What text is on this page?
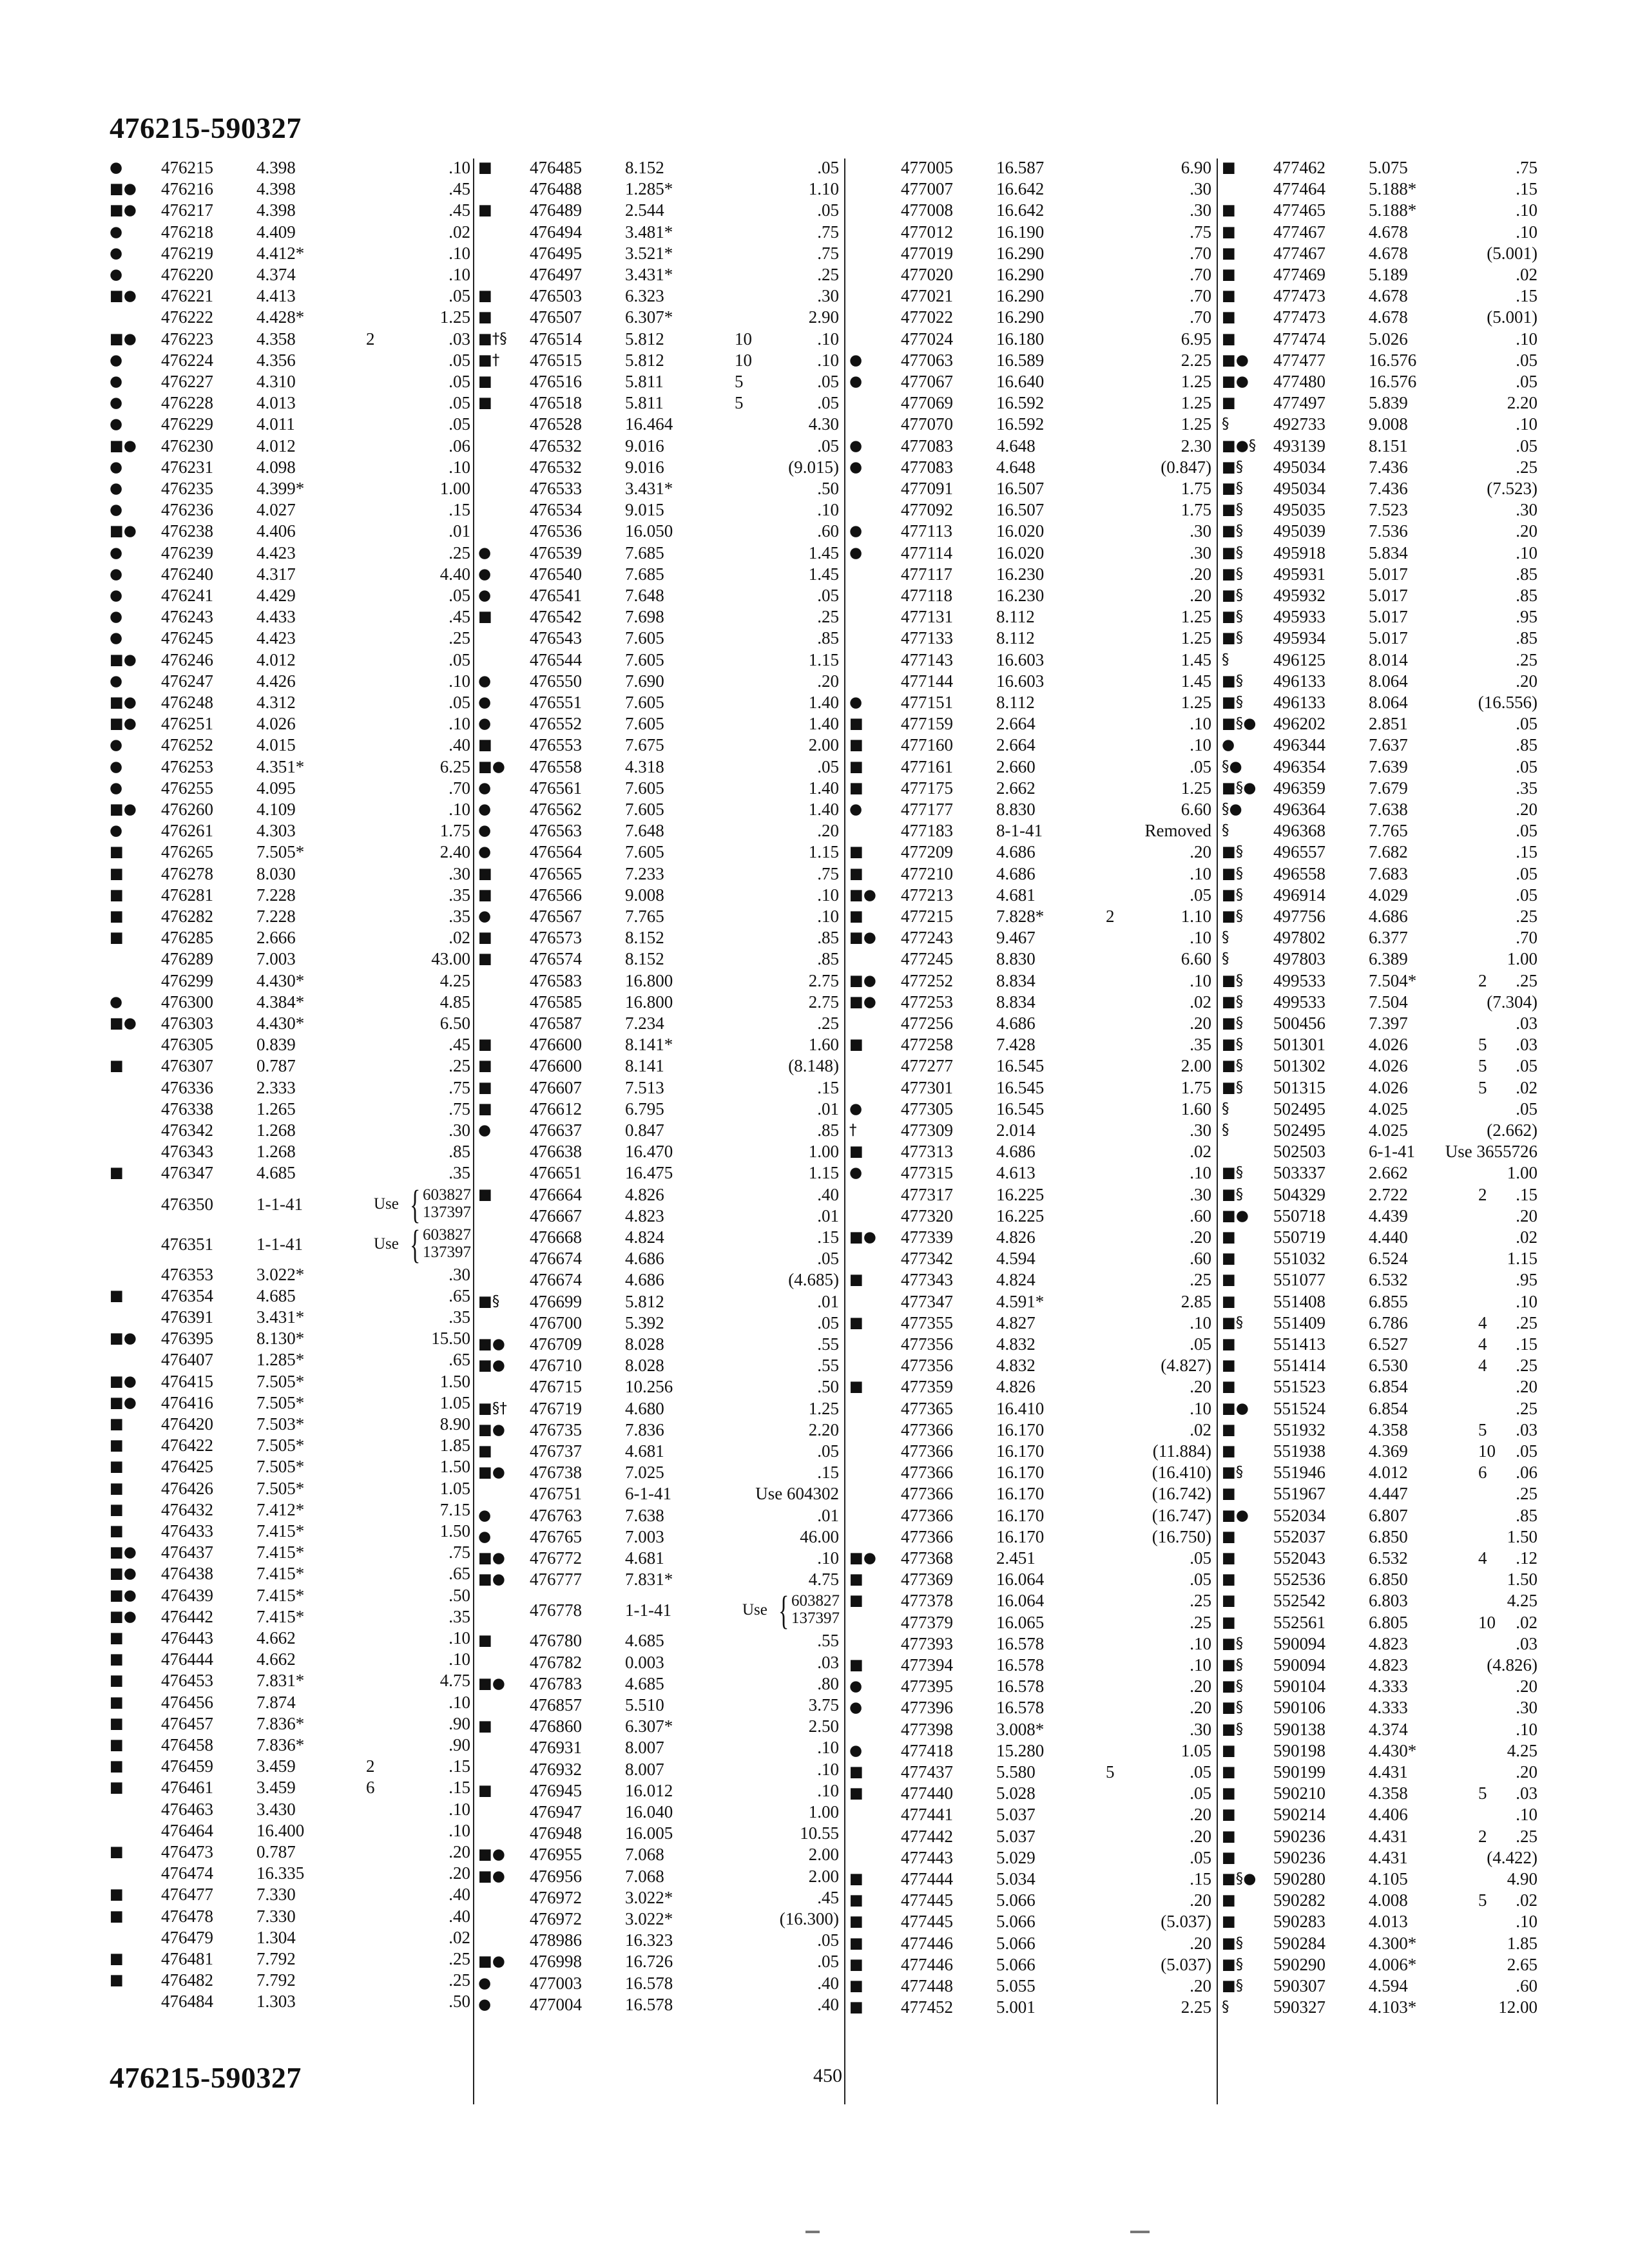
476215-590327
●	476215 4.398	.10
■●	476216 4.398	.45
■●	476217 4.398	.45
●	476218 4.409	.02
●	476219 4.412*	.10
●	476220 4.374	.10
■●	476221 4.413	.05
476222 4.428*	1.25
■●	476223 4.358	2	.03
●	476224 4.356	.05
●	476227 4.310	.05
●	476228 4.013	.05
●	476229 4.011	.05
■●	476230 4.012	.06
●	476231 4.098	.10
●	476235 4.399*	1.00
●	476236 4.027	.15
■●	476238 4.406	.01
●	476239 4.423	.25
●	476240 4.317	4.40
●	476241 4.429	.05
●	476243 4.433	.45
●	476245 4.423	.25
■●	476246 4.012	.05
●	476247 4.426	.10
■●	476248 4.312	.05
■●	476251 4.026	.10
●	476252 4.015	.40
●	476253 4.351*	6.25
●	476255 4.095	.70
■●	476260 4.109	.10
●	476261 4.303	1.75
■	476265 7.505*	2.40
■	476278 8.030	.30
■	476281 7.228	.35
■	476282 7.228	.35
■	476285 2.666	.02
476289 7.003	43.00
476299 4.430*	4.25
●	476300 4.384*	4.85
■●	476303 4.430*	6.50
476305 0.839	.45
■	476307 0.787	.25
476336 2.333	.75
476338 1.265	.75
476342 1.268	.30
476343 1.268	.85
■	476347 4.685	.35
476350 1-1-41	Use { 603827
137397
476351 1-1-41	Use { 603827
137397
476353 3.022*	.30
■	476354 4.685	.65
476391 3.431*	.35
■●	476395 8.130*	15.50
476407 1.285*	.65
■●	476415 7.505*	1.50
■●	476416 7.505*	1.05
■	476420 7.503*	8.90
■	476422 7.505*	1.85
■	476425 7.505*	1.50
■	476426 7.505*	1.05
■	476432 7.412*	7.15
■	476433 7.415*	1.50
■●	476437 7.415*	.75
■●	476438 7.415*	.65
■●	476439 7.415*	.50
■●	476442 7.415*	.35
■	476443 4.662	.10
■	476444 4.662	.10
■	476453 7.831*	4.75
■	476456 7.874	.10
■	476457 7.836*	.90
■	476458 7.836*	.90
■	476459 3.459	2	.15
■	476461 3.459	6	.15
476463 3.430	.10
476464 16.400	.10
■	476473 0.787	.20
476474 16.335	.20
■	476477 7.330	.40
■	476478 7.330	.40
476479 1.304	.02
■	476481 7.792	.25
■	476482 7.792	.25
476484 1.303	.50
■	476485 8.152	.05
476488 1.285*	1.10
■	476489 2.544	.05
476494 3.481*	.75
476495 3.521*	.75
476497 3.431*	.25
■	476503 6.323	.30
■	476507 6.307*	2.90
■†§	476514 5.812	10	.10
■†	476515 5.812	10	.10
■	476516 5.811	5	.05
■	476518 5.811	5	.05
476528 16.464	4.30
476532 9.016	.05
476532 9.016	(9.015)
476533 3.431*	.50
476534 9.015	.10
476536 16.050	.60
●	476539 7.685	1.45
●	476540 7.685	1.45
●	476541 7.648	.05
■	476542 7.698	.25
476543 7.605	.85
476544 7.605	1.15
●	476550 7.690	.20
●	476551 7.605	1.40
●	476552 7.605	1.40
■	476553 7.675	2.00
■●	476558 4.318	.05
●	476561 7.605	1.40
●	476562 7.605	1.40
●	476563 7.648	.20
●	476564 7.605	1.15
■	476565 7.233	.75
■	476566 9.008	.10
●	476567 7.765	.10
■	476573 8.152	.85
■	476574 8.152	.85
476583 16.800	2.75
476585 16.800	2.75
476587 7.234	.25
■	476600 8.141*	1.60
■	476600 8.141	(8.148)
■	476607 7.513	.15
■	476612 6.795	.01
●	476637 0.847	.85
476638 16.470	1.00
476651 16.475	1.15
■	476664 4.826	.40
476667 4.823	.01
476668 4.824	.15
476674 4.686	.05
476674 4.686	(4.685)
■§	476699 5.812	.01
476700 5.392	.05
■●	476709 8.028	.55
■●	476710 8.028	.55
476715 10.256	.50
■§†	476719 4.680	1.25
■●	476735 7.836	2.20
■	476737 4.681	.05
■●	476738 7.025	.15
476751 6-1-41	Use 604302
●	476763 7.638	.01
●	476765 7.003	46.00
■●	476772 4.681	.10
■●	476777 7.831*	4.75
476778 1-1-41	Use { 603827
137397
■	476780 4.685	.55
476782 0.003	.03
■●	476783 4.685	.80
476857 5.510	3.75
■	476860 6.307*	2.50
476931 8.007	.10
476932 8.007	.10
■	476945 16.012	.10
476947 16.040	1.00
476948 16.005	10.55
■●	476955 7.068	2.00
■●	476956 7.068	2.00
476972 3.022*	.45
476972 3.022*	(16.300)
478986 16.323	.05
■●	476998 16.726	.05
●	477003 16.578	.40
●	477004 16.578	.40
477005 16.587	6.90
477007 16.642	.30
477008 16.642	.30
477012 16.190	.75
477019 16.290	.70
477020 16.290	.70
477021 16.290	.70
477022 16.290	.70
477024 16.180	6.95
●	477063 16.589	2.25
●	477067 16.640	1.25
477069 16.592	1.25
477070 16.592	1.25
●	477083 4.648	2.30
●	477083 4.648	(0.847)
477091 16.507	1.75
477092 16.507	1.75
●	477113	16.020	.30
●	477114	16.020	.30
477117	16.230	.20
477118	16.230	.20
477131 8.112	1.25
477133 8.112	1.25
477143 16.603	1.45
477144 16.603	1.45
●	477151 8.112	1.25
■	477159 2.664	.10
■	477160 2.664	.10
■	477161 2.660	.05
■	477175 2.662	1.25
●	477177 8.830	6.60
477183 8-1-41	Removed
■	477209 4.686	.20
■	477210 4.686	.10
■●	477213 4.681	.05
■	477215 7.828*	2	1.10
■●	477243 9.467	.10
477245 8.830	6.60
■●	477252 8.834	.10
■●	477253 8.834	.02
477256 4.686	.20
■	477258 7.428	.35
477277 16.545	2.00
477301 16.545	1.75
●	477305 16.545	1.60
†	477309 2.014	.30
■	477313 4.686	.02
●	477315 4.613	.10
477317 16.225	.30
477320 16.225	.60
■●	477339 4.826	.20
477342 4.594	.60
■	477343 4.824	.25
477347 4.591*	2.85
■	477355 4.827	.10
477356 4.832	.05
477356 4.832	(4.827)
■	477359 4.826	.20
477365 16.410	.10
477366 16.170	.02
477366 16.170	(11.884)
477366 16.170	(16.410)
477366 16.170	(16.742)
477366 16.170	(16.747)
477366 16.170	(16.750)
■●	477368 2.451	.05
■	477369 16.064	.05
■	477378 16.064	.25
477379 16.065	.25
477393 16.578	.10
■	477394 16.578	.10
●	477395 16.578	.20
●	477396 16.578	.20
477398 3.008*	.30
●	477418 15.280	1.05
■	477437 5.580	5	.05
■	477440 5.028	.05
477441 5.037	.20
477442 5.037	.20
477443 5.029	.05
■	477444 5.034	.15
■	477445 5.066	.20
■	477445 5.066	(5.037)
■	477446 5.066	.20
■	477446 5.066	(5.037)
■	477448 5.055	.20
■	477452 5.001	2.25
■	477462 5.075	.75
477464 5.188*	.15
■	477465 5.188*	.10
■	477467 4.678	.10
■	477467 4.678	(5.001)
■	477469 5.189	.02
■	477473 4.678	.15
■	477473 4.678	(5.001)
■	477474 5.026	.10
■●	477477 16.576	.05
■●	477480 16.576	.05
■	477497 5.839	2.20
§	492733 9.008	.10
■●§ 493139 8.151	.05
■§	495034 7.436	.25
■§	495034 7.436	(7.523)
■§	495035 7.523	.30
■§	495039 7.536	.20
■§	495918 5.834	.10
■§	495931 5.017	.85
■§	495932 5.017	.85
■§	495933 5.017	.95
■§	495934 5.017	.85
§	496125 8.014	.25
■§	496133 8.064	.20
■§	496133 8.064	(16.556)
■§● 496202 2.851	.05
●	496344 7.637	.85
§●	496354 7.639	.05
■§● 496359 7.679	.35
§●	496364 7.638	.20
§	496368 7.765	.05
■§	496557 7.682	.15
■§	496558 7.683	.05
■§	496914 4.029	.05
■§	497756 4.686	.25
§	497802 6.377	.70
§	497803 6.389	1.00
■§	499533 7.504*	2 .25
■§	499533 7.504	(7.304)
■§	500456 7.397	.03
■§	501301 4.026	5 .03
■§	501302 4.026	5 .05
■§	501315 4.026	5 .02
§	502495 4.025	.05
§	502495 4.025	(2.662)
502503 6-1-41 Use 3655726
■§	503337 2.662	1.00
■§	504329 2.722	2 .15
■●	550718 4.439	.20
■	550719 4.440	.02
■	551032 6.524	1.15
■	551077 6.532	.95
■	551408 6.855	.10
■§	551409 6.786	4 .25
■	551413 6.527	4 .15
■	551414 6.530	4 .25
■	551523 6.854	.20
■●	551524 6.854	.25
■	551932 4.358	5 .03
■	551938 4.369	10 .05
■§	551946 4.012	6 .06
■	551967 4.447	.25
■●	552034 6.807	.85
■	552037 6.850	1.50
■	552043 6.532	4 .12
■	552536 6.850	1.50
■	552542 6.803	4.25
■	552561 6.805	10 .02
■§	590094 4.823	.03
■§	590094 4.823	(4.826)
■§	590104 4.333	.20
■§	590106 4.333	.30
■§	590138 4.374	.10
■	590198 4.430*	4.25
■	590199 4.431	.20
■	590210 4.358	5 .03
■	590214 4.406	.10
■	590236 4.431	2 .25
■	590236 4.431	(4.422)
■§● 590280 4.105	4.90
■	590282 4.008	5 .02
■	590283 4.013	.10
■§	590284 4.300*	1.85
■§	590290 4.006*	2.65
■§	590307 4.594	.60
§	590327 4.103*	12.00
476215-590327	450
